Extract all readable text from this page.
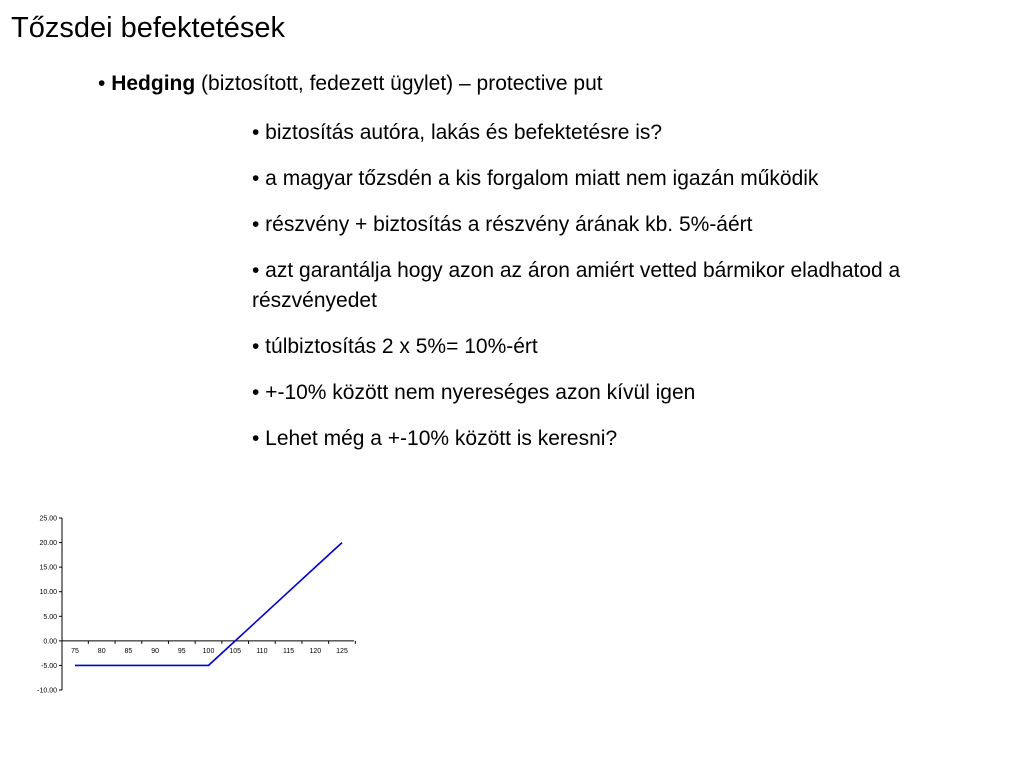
Tőzsdei befektetések
• Hedging (biztosított, fedezett ügylet) – protective put
• biztosítás autóra, lakás és befektetésre is?
• a magyar tőzsdén a kis forgalom miatt nem igazán működik
• részvény + biztosítás a részvény árának kb. 5%-áért
• azt garantálja hogy azon az áron amiért vetted bármikor eladhatod a részvényedet
• túlbiztosítás 2 x 5%= 10%-ért
• +-10% között nem nyereséges azon kívül igen
• Lehet még a +-10% között is keresni?
25.00
20.00
15.00
10.00
5.00
0.00
-5.00
-10.00
75	80	85	90	95 100 105 110 115 120 125
